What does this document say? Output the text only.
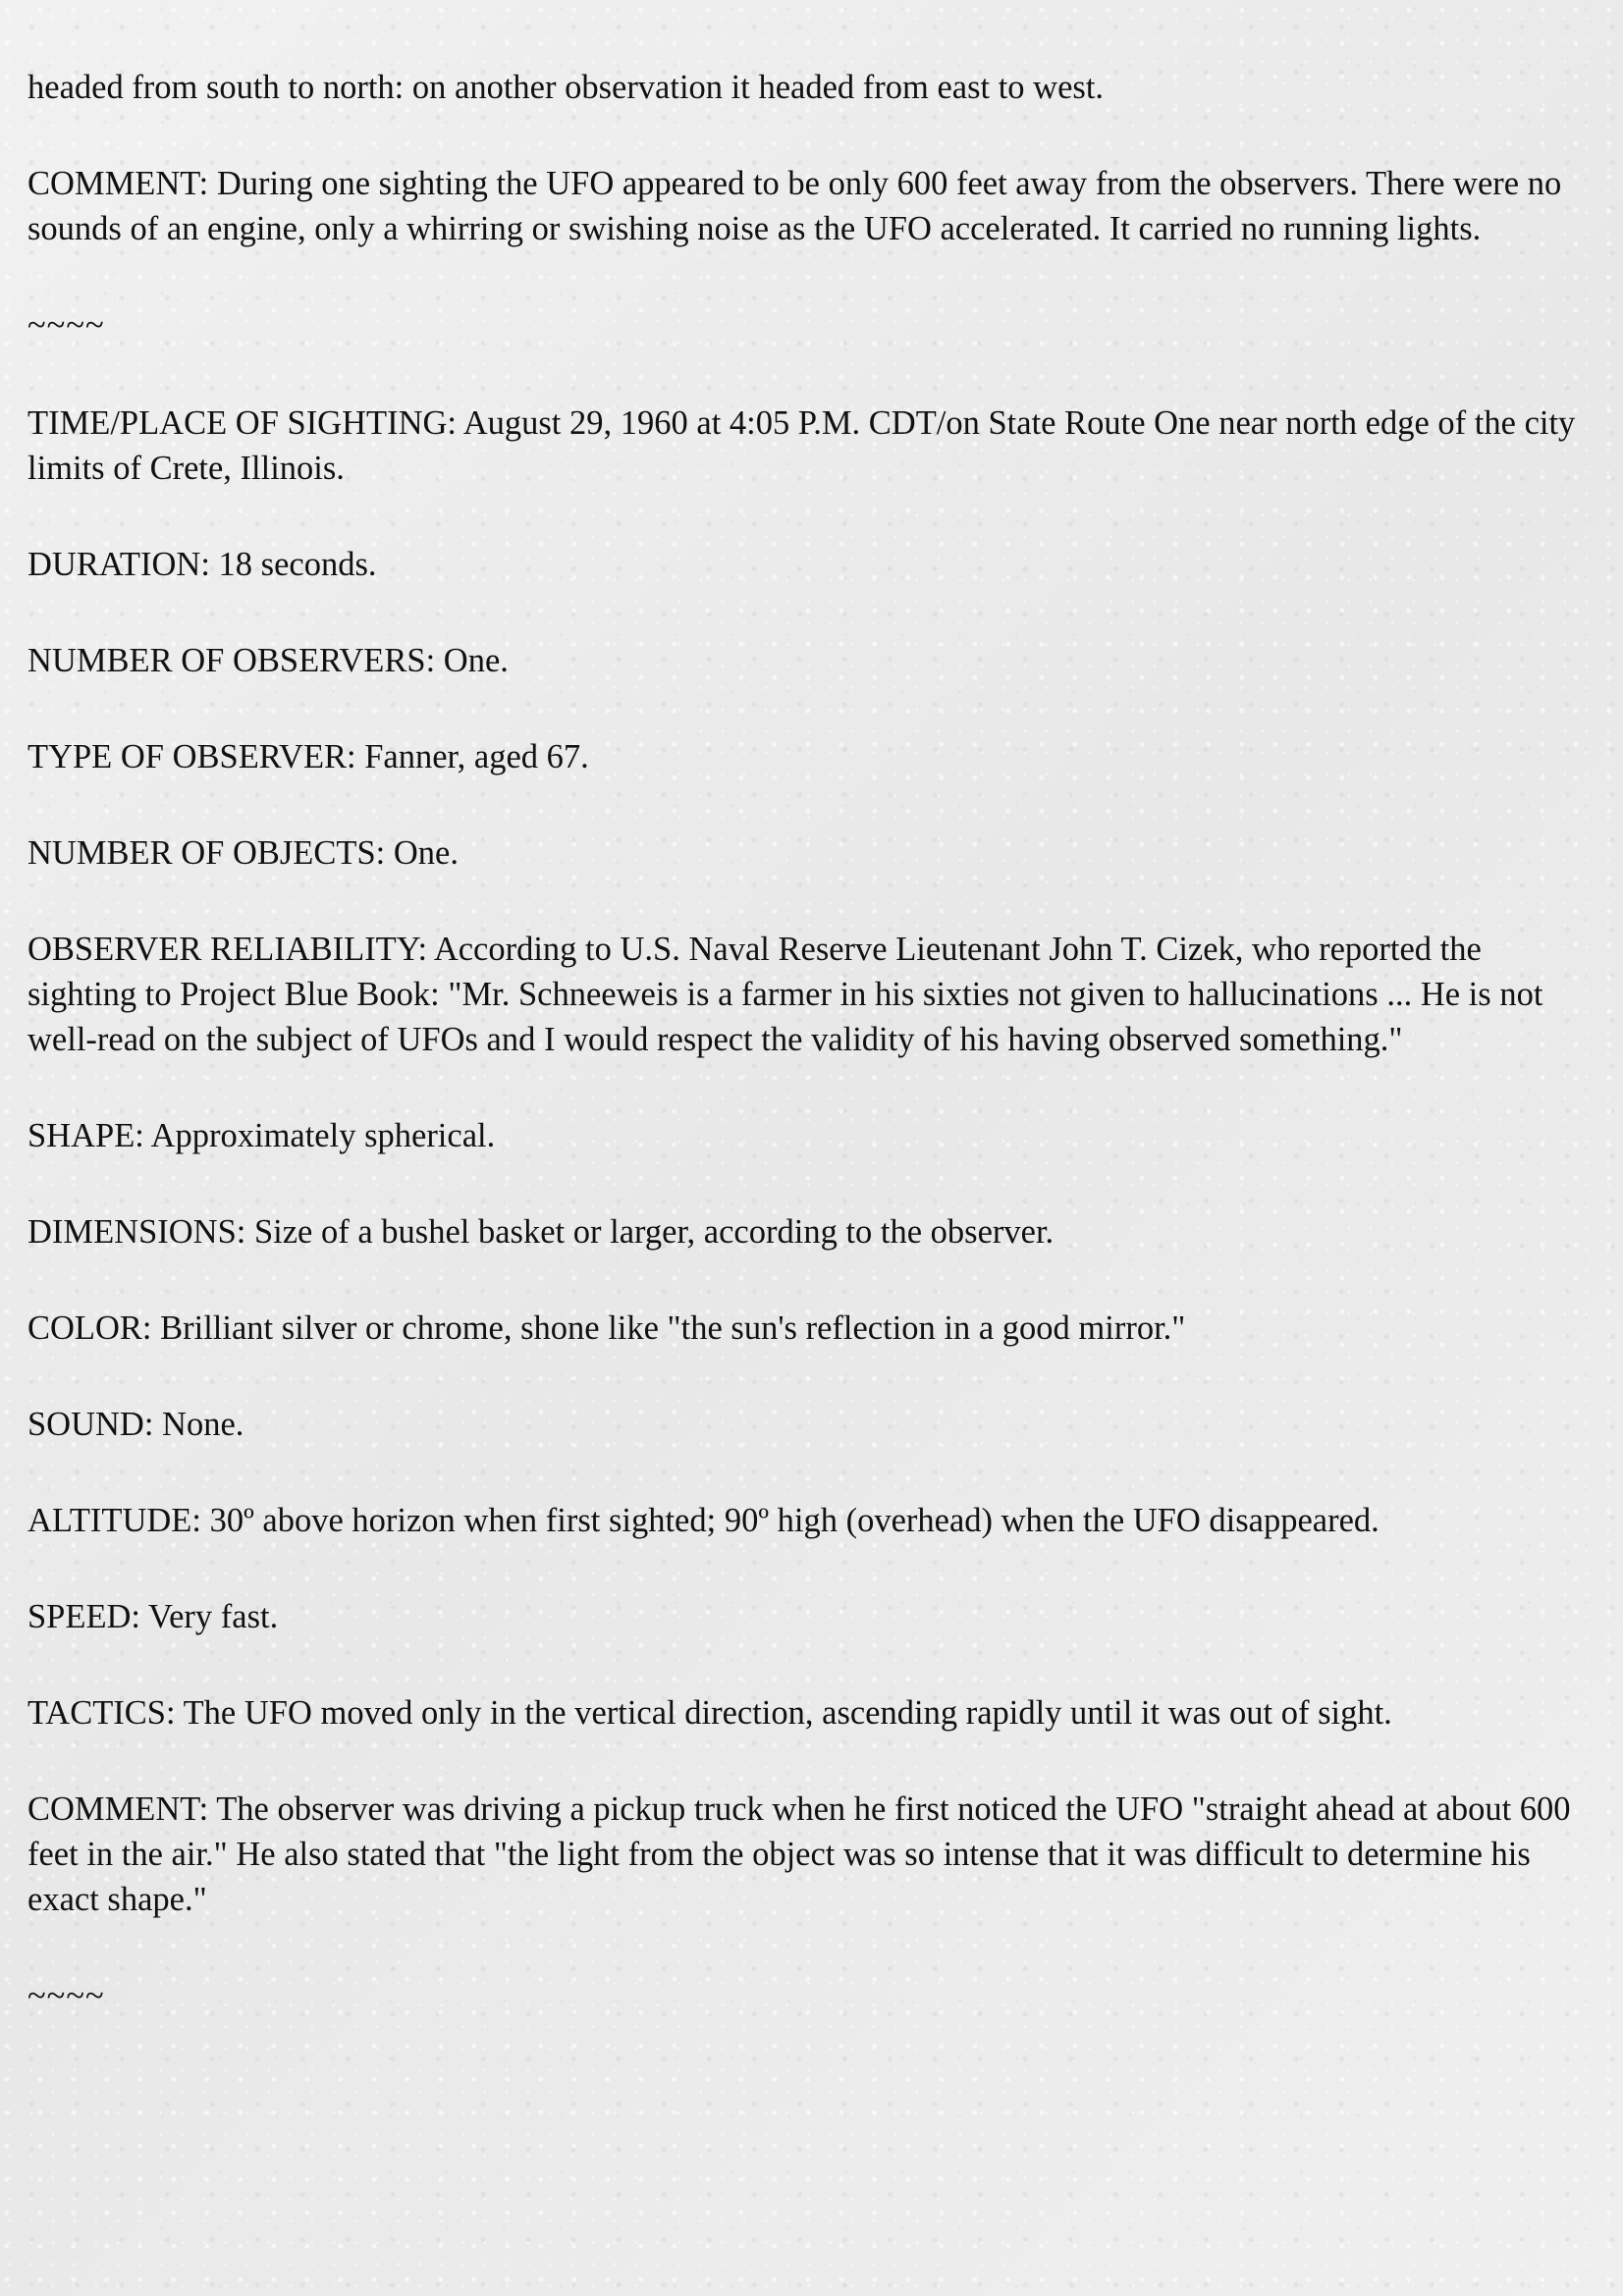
headed from south to north: on another observation it headed from east to west.

COMMENT: During one sighting the UFO appeared to be only 600 feet away from the observers. There were no sounds of an engine, only a whirring or swishing noise as the UFO accelerated. It carried no running lights.

~~~~

TIME/PLACE OF SIGHTING: August 29, 1960 at 4:05 P.M. CDT/on State Route One near north edge of the city limits of Crete, Illinois.

DURATION: 18 seconds.

NUMBER OF OBSERVERS: One.

TYPE OF OBSERVER: Fanner, aged 67.

NUMBER OF OBJECTS: One.

OBSERVER RELIABILITY: According to U.S. Naval Reserve Lieutenant John T. Cizek, who reported the sighting to Project Blue Book: "Mr. Schneeweis is a farmer in his sixties not given to hallucinations ... He is not well-read on the subject of UFOs and I would respect the validity of his having observed something."

SHAPE: Approximately spherical.

DIMENSIONS: Size of a bushel basket or larger, according to the observer.

COLOR: Brilliant silver or chrome, shone like "the sun's reflection in a good mirror."

SOUND: None.

ALTITUDE: 30º above horizon when first sighted; 90º high (overhead) when the UFO disappeared.

SPEED: Very fast.

TACTICS: The UFO moved only in the vertical direction, ascending rapidly until it was out of sight.

COMMENT: The observer was driving a pickup truck when he first noticed the UFO "straight ahead at about 600 feet in the air." He also stated that "the light from the object was so intense that it was difficult to determine his exact shape."

~~~~
